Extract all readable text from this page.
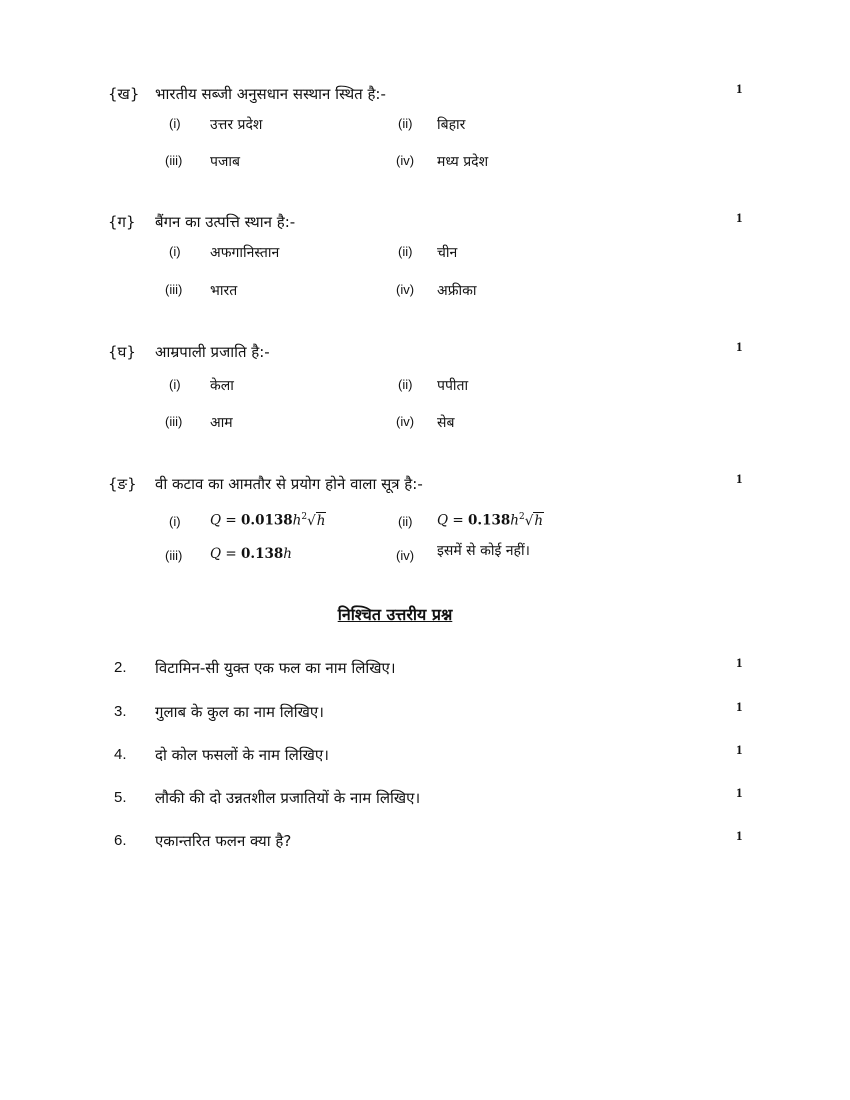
{ख} भारतीय सब्जी अनुसधान सस्थान स्थित है:-	1
(i) उत्तर प्रदेश	(ii) बिहार
(iii) पजाब	(iv) मध्य प्रदेश
{ग} बैंगन का उत्पत्ति स्थान है:-	1
(i) अफगानिस्तान	(ii) चीन
(iii) भारत	(iv) अफ्रीका
{घ} आम्रपाली प्रजाति है:-	1
(i) केला	(ii) पपीता
(iii) आम	(iv) सेब
{ङ} वी कटाव का आमतौर से प्रयोग होने वाला सूत्र है:-	1
(i) $Q = 0.0138h^2√h$	(ii) $Q = 0.138h^2√h$
(iii) Q = 0.138h	(iv) इसमें से कोई नहीं।
निश्चित उत्तरीय प्रश्न
2. विटामिन-सी युक्त एक फल का नाम लिखिए।	1
3. गुलाब के कुल का नाम लिखिए।	1
4. दो कोल फसलों के नाम लिखिए।	1
5. लौकी की दो उन्नतशील प्रजातियों के नाम लिखिए।	1
6. एकान्तरित फलन क्या है?	1
